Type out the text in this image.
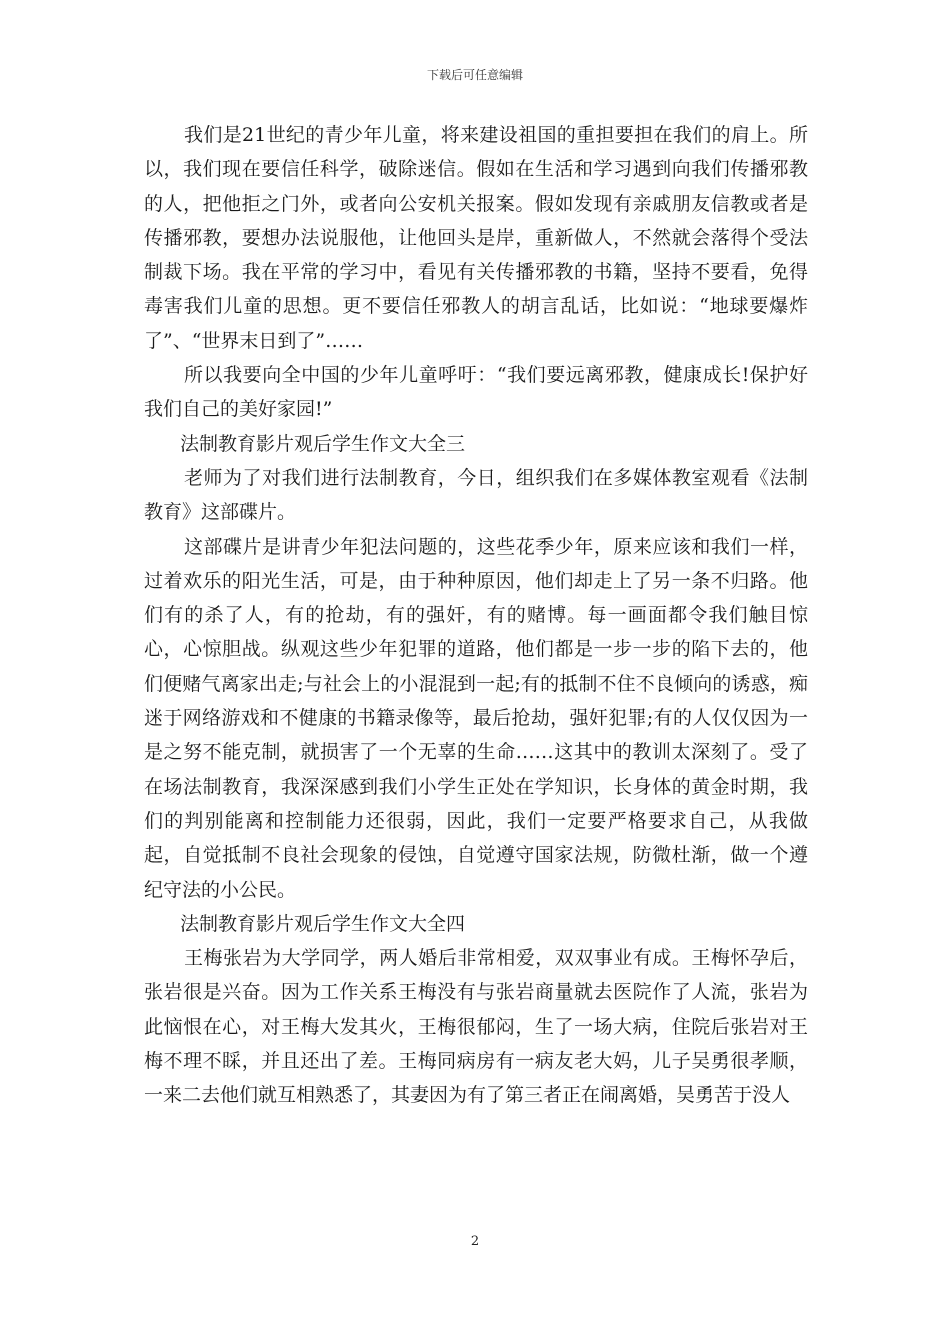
下载后可任意编辑

我们是21世纪的青少年儿童，将来建设祖国的重担要担在我们的肩上。所以，我们现在要信任科学，破除迷信。假如在生活和学习遇到向我们传播邪教的人，把他拒之门外，或者向公安机关报案。假如发现有亲戚朋友信教或者是传播邪教，要想办法说服他，让他回头是岸，重新做人，不然就会落得个受法制裁下场。我在平常的学习中，看见有关传播邪教的书籍，坚持不要看，免得毒害我们儿童的思想。更不要信任邪教人的胡言乱话，比如说：“地球要爆炸了”、“世界末日到了”……

所以我要向全中国的少年儿童呼吁：“我们要远离邪教，健康成长!保护好我们自己的美好家园!”

法制教育影片观后学生作文大全三

老师为了对我们进行法制教育，今日，组织我们在多媒体教室观看《法制教育》这部碟片。

这部碟片是讲青少年犯法问题的，这些花季少年，原来应该和我们一样，过着欢乐的阳光生活，可是，由于种种原因，他们却走上了另一条不归路。他们有的杀了人，有的抢劫，有的强奸，有的赌博。每一画面都令我们触目惊心，心惊胆战。纵观这些少年犯罪的道路，他们都是一步一步的陷下去的，他们便赌气离家出走;与社会上的小混混到一起;有的抵制不住不良倾向的诱惑，痴迷于网络游戏和不健康的书籍录像等，最后抢劫，强奸犯罪;有的人仅仅因为一是之努不能克制，就损害了一个无辜的生命……这其中的教训太深刻了。受了在场法制教育，我深深感到我们小学生正处在学知识，长身体的黄金时期，我们的判别能离和控制能力还很弱，因此，我们一定要严格要求自己，从我做起，自觉抵制不良社会现象的侵蚀，自觉遵守国家法规，防微杜渐，做一个遵纪守法的小公民。

法制教育影片观后学生作文大全四

王梅张岩为大学同学，两人婚后非常相爱，双双事业有成。王梅怀孕后，张岩很是兴奋。因为工作关系王梅没有与张岩商量就去医院作了人流，张岩为此恼恨在心，对王梅大发其火，王梅很郁闷，生了一场大病，住院后张岩对王梅不理不睬，并且还出了差。王梅同病房有一病友老大妈，儿子吴勇很孝顺，一来二去他们就互相熟悉了，其妻因为有了第三者正在闹离婚，吴勇苦于没人

2
